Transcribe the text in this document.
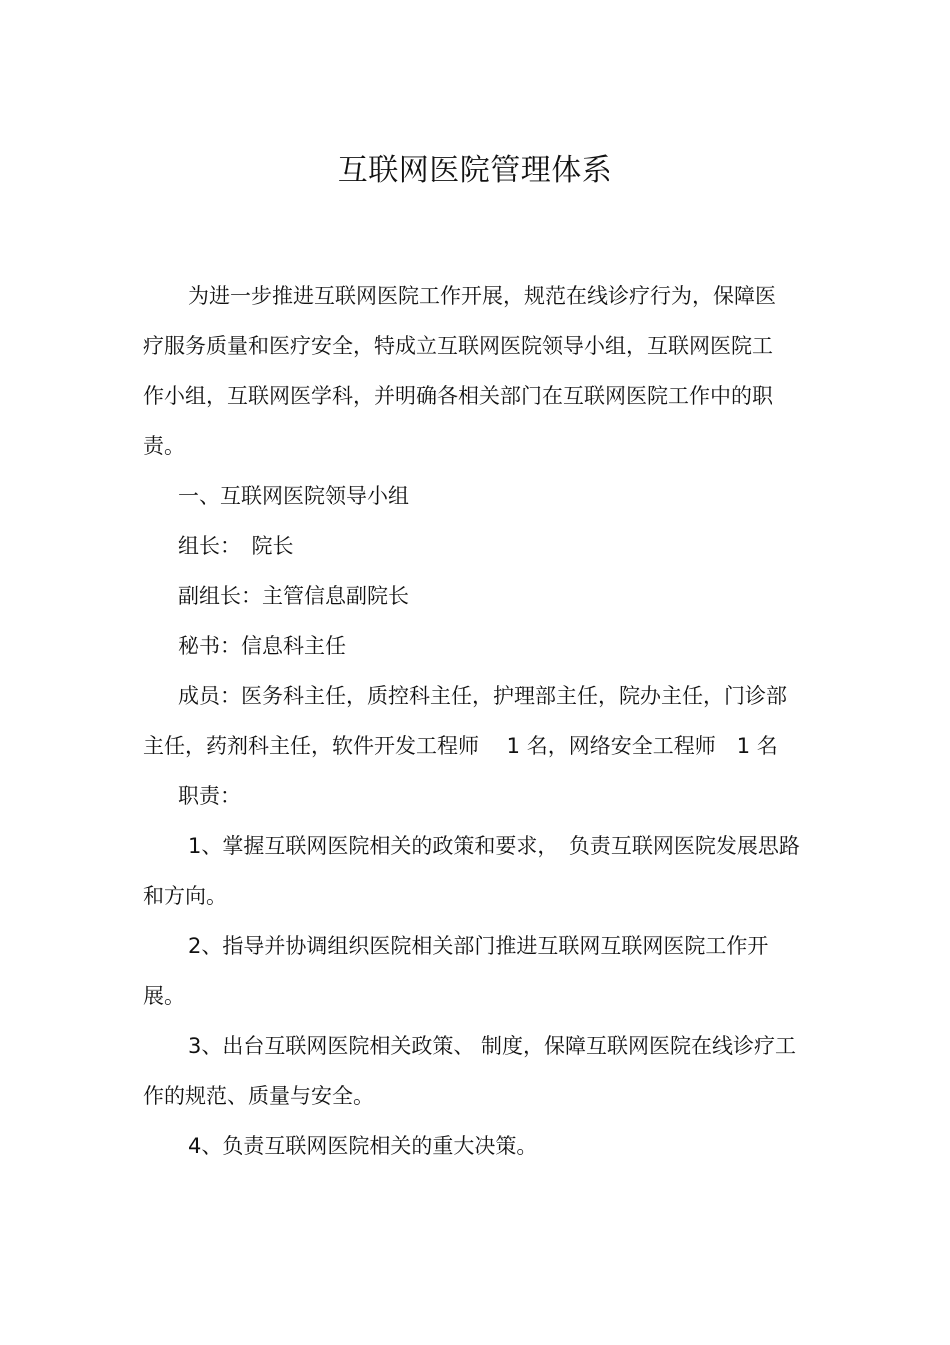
互联网医院管理体系
为进一步推进互联网医院工作开展，规范在线诊疗行为，保障医
疗服务质量和医疗安全，特成立互联网医院领导小组，互联网医院工
作小组，互联网医学科，并明确各相关部门在互联网医院工作中的职
责。
一、互联网医院领导小组
组长：　院长
副组长：主管信息副院长
秘书：信息科主任
成员：医务科主任，质控科主任，护理部主任，院办主任，门诊部
主任，药剂科主任，软件开发工程师　 1 名，网络安全工程师　1 名
职责：
1、掌握互联网医院相关的政策和要求，　负责互联网医院发展思路
和方向。
2、指导并协调组织医院相关部门推进互联网互联网医院工作开
展。
3、出台互联网医院相关政策、 制度，保障互联网医院在线诊疗工
作的规范、质量与安全。
4、负责互联网医院相关的重大决策。
